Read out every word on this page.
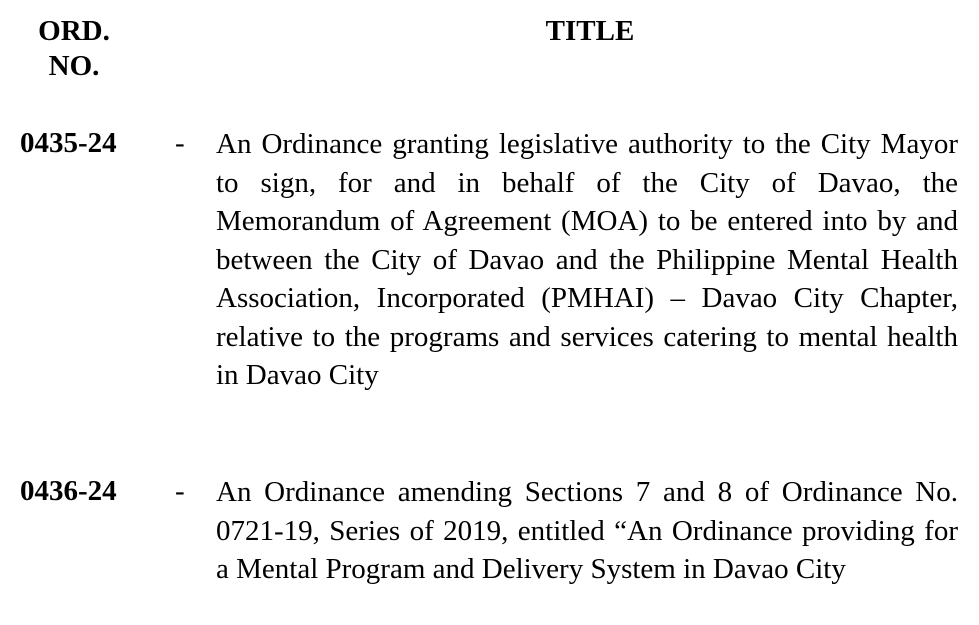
ORD.
NO.
TITLE
0435-24 - An Ordinance granting legislative authority to the City Mayor to sign, for and in behalf of the City of Davao, the Memorandum of Agreement (MOA) to be entered into by and between the City of Davao and the Philippine Mental Health Association, Incorporated (PMHAI) – Davao City Chapter, relative to the programs and services catering to mental health in Davao City
0436-24 - An Ordinance amending Sections 7 and 8 of Ordinance No. 0721-19, Series of 2019, entitled “An Ordinance providing for a Mental Program and Delivery System in Davao City
